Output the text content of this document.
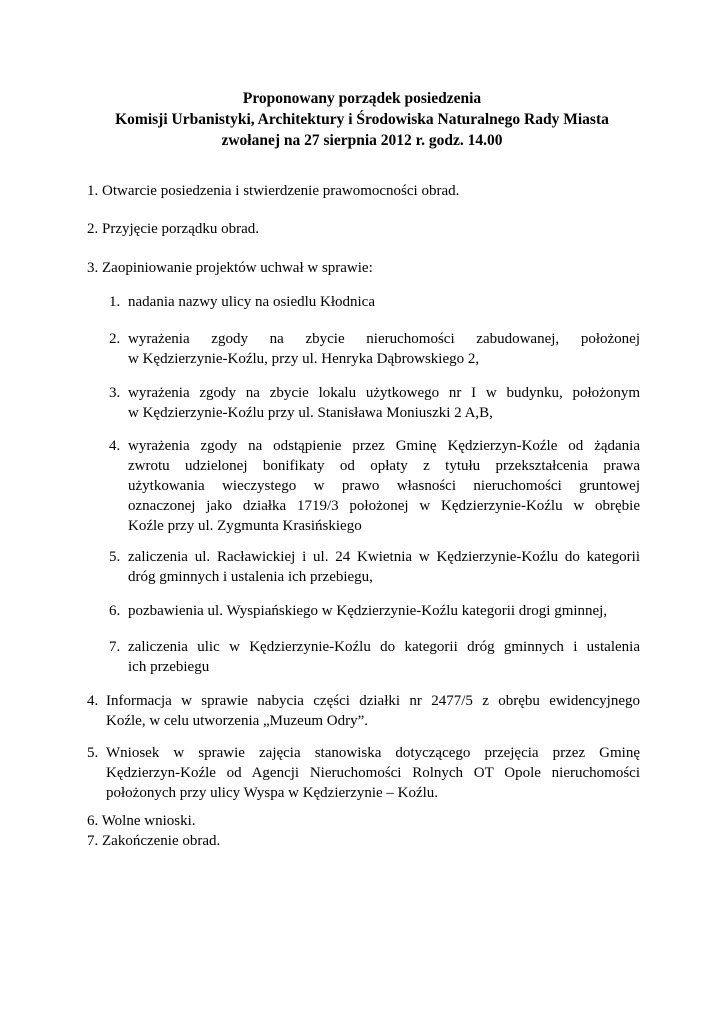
Proponowany porządek posiedzenia
Komisji Urbanistyki, Architektury i Środowiska Naturalnego Rady Miasta
zwołanej na 27 sierpnia 2012 r. godz. 14.00
1. Otwarcie posiedzenia i stwierdzenie prawomocności obrad.
2. Przyjęcie porządku obrad.
3. Zaopiniowanie projektów uchwał w sprawie:
1. nadania nazwy ulicy na osiedlu Kłodnica
2. wyrażenia zgody na zbycie nieruchomości zabudowanej, położonej
w Kędzierzynie-Koźlu, przy ul. Henryka Dąbrowskiego 2,
3. wyrażenia zgody na zbycie lokalu użytkowego nr I w budynku, położonym
w Kędzierzynie-Koźlu przy ul. Stanisława Moniuszki 2 A,B,
4. wyrażenia zgody na odstąpienie przez Gminę Kędzierzyn-Koźle od żądania
zwrotu udzielonej bonifikaty od opłaty z tytułu przekształcenia prawa
użytkowania wieczystego w prawo własności nieruchomości gruntowej
oznaczonej jako działka 1719/3 położonej w Kędzierzynie-Koźlu w obrębie
Koźle przy ul. Zygmunta Krasińskiego
5. zaliczenia ul. Racławickiej i ul. 24 Kwietnia w Kędzierzynie-Koźlu do kategorii
dróg gminnych i ustalenia ich przebiegu,
6. pozbawienia ul. Wyspiańskiego w Kędzierzynie-Koźlu kategorii drogi gminnej,
7. zaliczenia ulic w Kędzierzynie-Koźlu do kategorii dróg gminnych i ustalenia
ich przebiegu
4. Informacja w sprawie nabycia części działki nr 2477/5 z obrębu ewidencyjnego
Koźle, w celu utworzenia „Muzeum Odry”.
5. Wniosek w sprawie zajęcia stanowiska dotyczącego przejęcia przez Gminę
Kędzierzyn-Koźle od Agencji Nieruchomości Rolnych OT Opole nieruchomości
położonych przy ulicy Wyspa w Kędzierzynie – Koźlu.
6. Wolne wnioski.
7. Zakończenie obrad.
